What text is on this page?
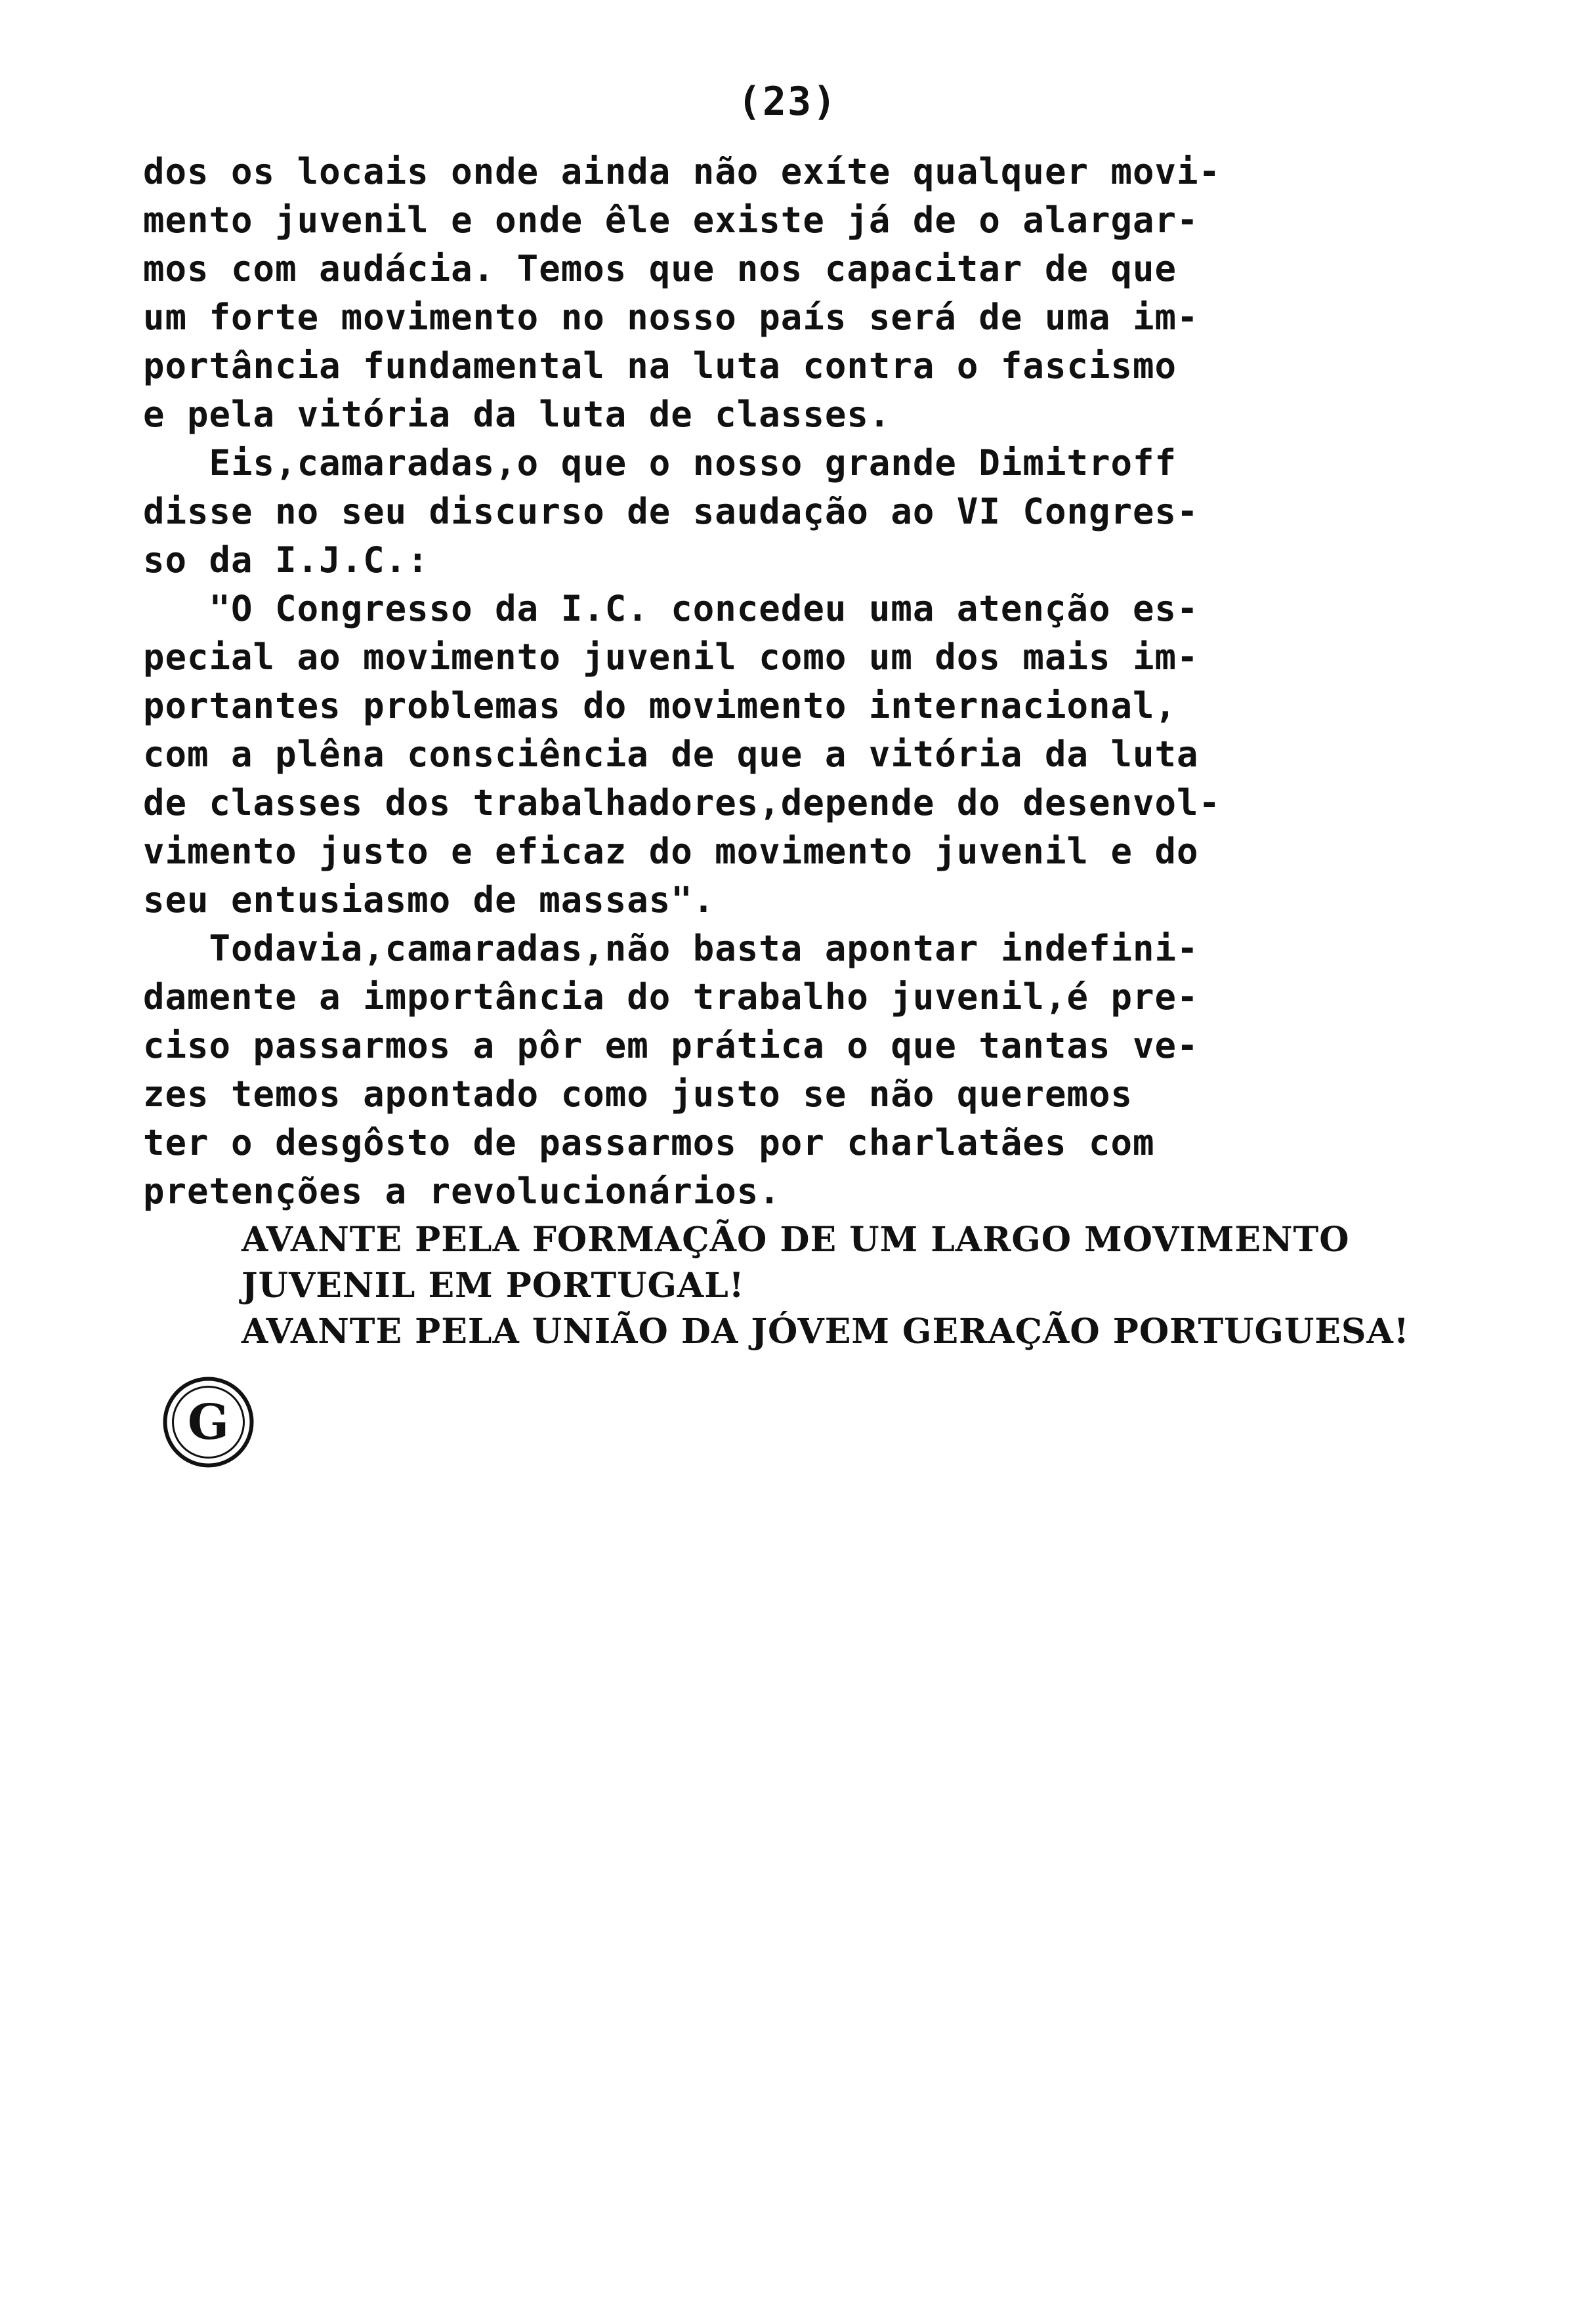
(23)
dos os locais onde ainda não exíte qualquer movi-
mento juvenil e onde êle existe já de o alargar-
mos com audácia. Temos que nos capacitar de que
um forte movimento no nosso país será de uma im-
portância fundamental na luta contra o fascismo
e pela vitória da luta de classes.
Eis,camaradas,o que o nosso grande Dimitroff
disse no seu discurso de saudação ao VI Congres-
so da I.J.C.:
"O Congresso da I.C. concedeu uma atenção es-
pecial ao movimento juvenil como um dos mais im-
portantes problemas do movimento internacional,
com a plêna consciência de que a vitória da luta
de classes dos trabalhadores,depende do desenvol-
vimento justo e eficaz do movimento juvenil e do
seu entusiasmo de massas".
Todavia,camaradas,não basta apontar indefini-
damente a importância do trabalho juvenil,é pre-
ciso passarmos a pôr em prática o que tantas ve-
zes temos apontado como justo se não queremos
ter o desgôsto de passarmos por charlatães com
pretenções a revolucionários.
AVANTE PELA FORMAÇÃO DE UM LARGO MOVIMENTO
JUVENIL EM PORTUGAL!
AVANTE PELA UNIÃO DA JÓVEM GERAÇÃO PORTUGUESA!
G
